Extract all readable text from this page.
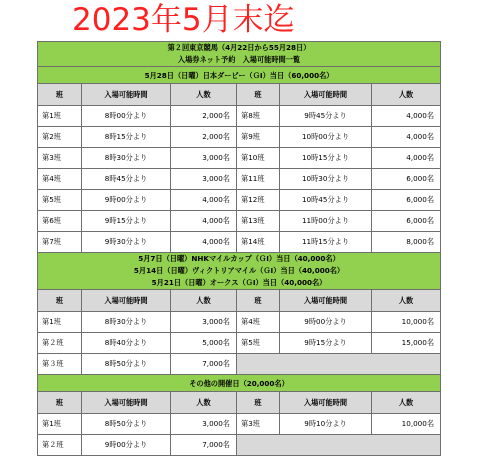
2023年5月末迄
第２回東京競馬（4月22日から55月28日）
入場券ネット予約　入場可能時間一覧					

5月28日（日曜）日本ダービー（ＧⅠ）当日（60,000名）					
班	入場可能時間	人数	班	入場可能時間	人数
第1班	8時00分より	2,000名	第8班	9時45分より	4,000名
第2班	8時15分より	2,000名	第9班	10時00分より	4,000名
第3班	8時30分より	3,000名	第10班	10時15分より	4,000名
第4班	8時45分より	3,000名	第11班	10時30分より	6,000名
第5班	9時00分より	4,000名	第12班	10時45分より	6,000名
第6班	9時15分より	4,000名	第13班	11時00分より	6,000名
第7班	9時30分より	4,000名	第14班	11時15分より	8,000名

5月7日（日曜）NHKマイルカップ（ＧⅠ）当日（40,000名）
5月14日（日曜）ヴィクトリアマイル（ＧⅠ）当日（40,000名）
5月21日（日曜）オークス（ＧⅠ）当日（40,000名）					

班	入場可能時間	人数	班	入場可能時間	人数
第1班	8時30分より	3,000名	第4班	9時00分より	10,000名
第２班	8時40分より	5,000名	第5班	9時15分より	15,000名
第３班	8時50分より	7,000名			
その他の開催日（20,000名）					
班	入場可能時間	人数	班	入場可能時間	人数
第1班	8時50分より	3,000名	第3班	9時10分より	10,000名
第２班	9時00分より	7,000名			
